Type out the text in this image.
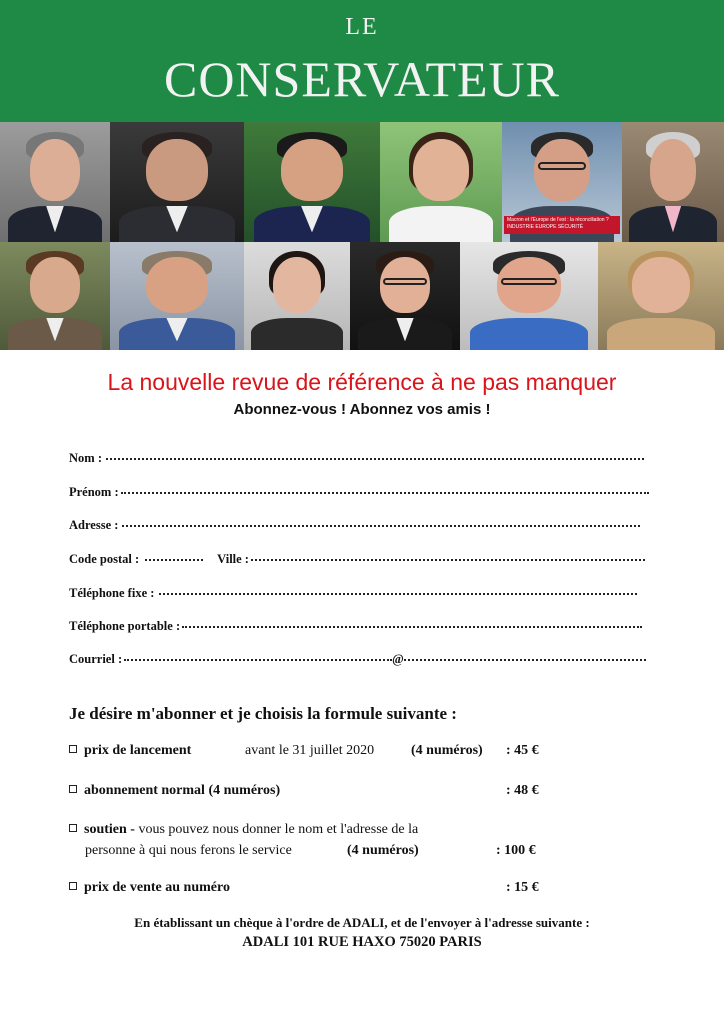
LE
CONSERVATEUR
Macron et l'Europe de l'est : la réconciliation ?
INDUSTRIE EUROPE SÉCURITÉ
La nouvelle revue de référence à ne pas manquer
Abonnez-vous ! Abonnez vos amis !
Nom :
Prénom :
Adresse :
Code postal :	Ville :
Téléphone fixe :
Téléphone portable :
Courriel :	@
Je désire m'abonner et je choisis la formule suivante :
prix de lancement	avant le 31 juillet 2020	(4 numéros) : 45 €
abonnement normal (4 numéros)	: 48 €
soutien - vous pouvez nous donner le nom et l'adresse de la
personne à qui nous ferons le service	(4 numéros)	: 100 €
prix de vente au numéro	: 15 €
En établissant un chèque à l'ordre de ADALI, et de l'envoyer à l'adresse suivante :
ADALI 101 RUE HAXO 75020 PARIS
